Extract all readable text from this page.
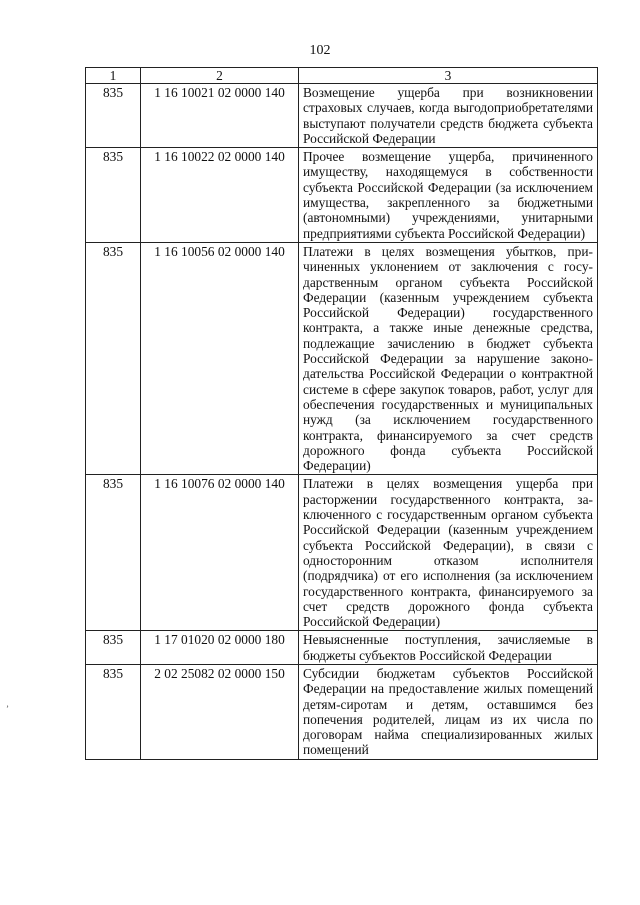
102
1	2	3
835	1 16 10021 02 0000 140	Возмещение ущерба при возникновении страховых случаев, когда выгодоприобретателями выступают получатели средств бюджета субъекта Российской Федерации
835	1 16 10022 02 0000 140	Прочее возмещение ущерба, причиненного имуществу, находящемуся в собственности субъекта Российской Федерации (за исключением имущества, закрепленного за бюджетными (автономными) учреждениями, унитарными предприятиями субъекта Российской Федерации)
835	1 16 10056 02 0000 140	Платежи в целях возмещения убытков, причиненных уклонением от заключения с государственным органом субъекта Российской Федерации (казенным учреждением субъекта Российской Федерации) государственного контракта, а также иные денежные средства, подлежащие зачислению в бюджет субъекта Российской Федерации за нарушение законодательства Российской Федерации о контрактной системе в сфере закупок товаров, работ, услуг для обеспечения государственных и муниципальных нужд (за исключением государственного контракта, финансируемого за счет средств дорожного фонда субъекта Российской Федерации)
835	1 16 10076 02 0000 140	Платежи в целях возмещения ущерба при расторжении государственного контракта, заключенного с государственным органом субъекта Российской Федерации (казенным учреждением субъекта Российской Федерации), в связи с односторонним отказом исполнителя (подрядчика) от его исполнения (за исключением государственного контракта, финансируемого за счет средств дорожного фонда субъекта Российской Федерации)
835	1 17 01020 02 0000 180	Невыясненные поступления, зачисляемые в бюджеты субъектов Российской Федерации
835	2 02 25082 02 0000 150	Субсидии бюджетам субъектов Российской Федерации на предоставление жилых помещений детям-сиротам и детям, оставшимся без попечения родителей, лицам из их числа по договорам найма специализированных жилых помещений
’
